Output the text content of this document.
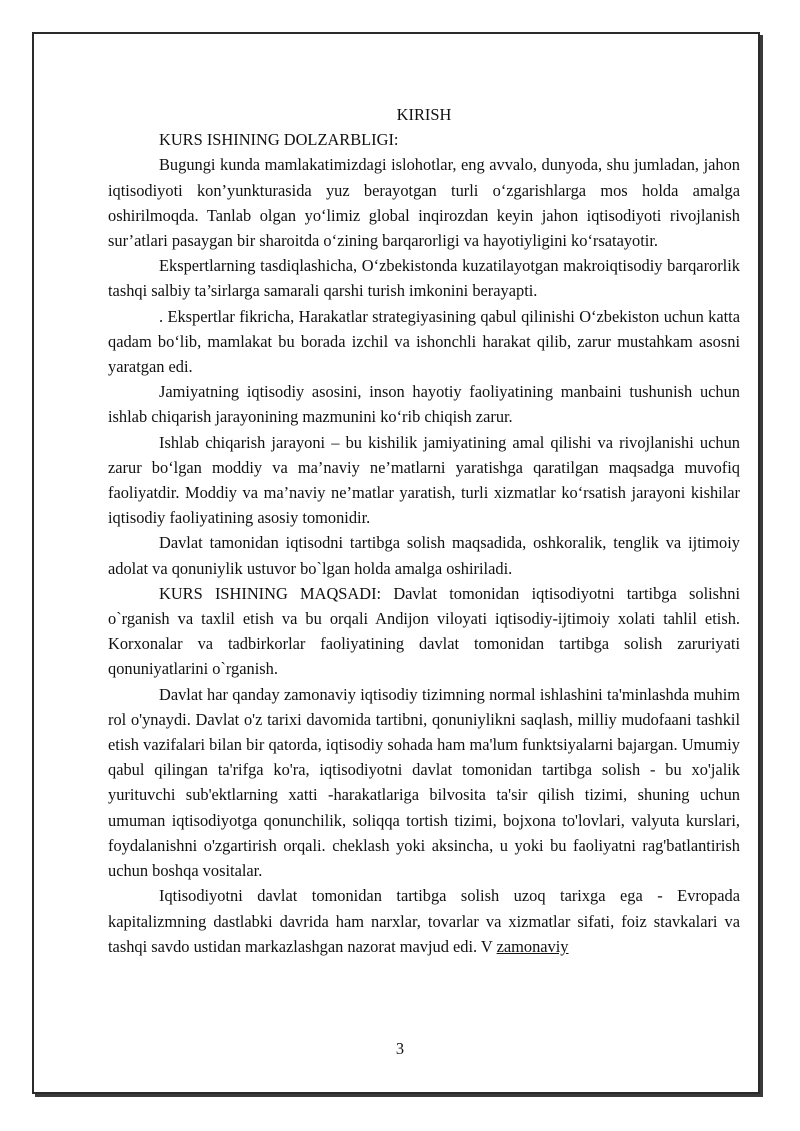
KIRISH

KURS ISHINING DOLZARBLIGI:

Bugungi kunda mamlakatimizdagi islohotlar, eng avvalo, dunyoda, shu jumladan, jahon iqtisodiyoti kon’yunkturasida yuz berayotgan turli o‘zgarishlarga mos holda amalga oshirilmoqda. Tanlab olgan yo‘limiz global inqirozdan keyin jahon iqtisodiyoti rivojlanish sur’atlari pasaygan bir sharoitda o‘zining barqarorligi va hayotiyligini ko‘rsatayotir.

Ekspertlarning tasdiqlashicha, O‘zbekistonda kuzatilayotgan makroiqtisodiy barqarorlik tashqi salbiy ta’sirlarga samarali qarshi turish imkonini berayapti.

. Ekspertlar fikricha, Harakatlar strategiyasining qabul qilinishi O‘zbekiston uchun katta qadam bo‘lib, mamlakat bu borada izchil va ishonchli harakat qilib, zarur mustahkam asosni yaratgan edi.

Jamiyatning iqtisodiy asosini, inson hayotiy faoliyatining manbaini tushunish uchun ishlab chiqarish jarayonining mazmunini ko‘rib chiqish zarur.

Ishlab chiqarish jarayoni – bu kishilik jamiyatining amal qilishi va rivojlanishi uchun zarur bo‘lgan moddiy va ma’naviy ne’matlarni yaratishga qaratilgan maqsadga muvofiq faoliyatdir. Moddiy va ma’naviy ne’matlar yaratish, turli xizmatlar ko‘rsatish jarayoni kishilar iqtisodiy faoliyatining asosiy tomonidir.

Davlat tamonidan iqtisodni tartibga solish maqsadida, oshkoralik, tenglik va ijtimoiy adolat va qonuniylik ustuvor bo`lgan holda amalga oshiriladi.

KURS ISHINING MAQSADI: Davlat tomonidan iqtisodiyotni tartibga solishni o`rganish va taxlil etish va bu orqali Andijon viloyati iqtisodiy-ijtimoiy xolati tahlil etish. Korxonalar va tadbirkorlar faoliyatining davlat tomonidan tartibga solish zaruriyati qonuniyatlarini o`rganish.

Davlat har qanday zamonaviy iqtisodiy tizimning normal ishlashini ta'minlashda muhim rol o'ynaydi. Davlat o'z tarixi davomida tartibni, qonuniylikni saqlash, milliy mudofaani tashkil etish vazifalari bilan bir qatorda, iqtisodiy sohada ham ma'lum funktsiyalarni bajargan. Umumiy qabul qilingan ta'rifga ko'ra, iqtisodiyotni davlat tomonidan tartibga solish - bu xo'jalik yurituvchi sub'ektlarning xatti -harakatlariga bilvosita ta'sir qilish tizimi, shuning uchun umuman iqtisodiyotga qonunchilik, soliqqa tortish tizimi, bojxona to'lovlari, valyuta kurslari, foydalanishni o'zgartirish orqali. cheklash yoki aksincha, u yoki bu faoliyatni rag'batlantirish uchun boshqa vositalar.

Iqtisodiyotni davlat tomonidan tartibga solish uzoq tarixga ega - Evropada kapitalizmning dastlabki davrida ham narxlar, tovarlar va xizmatlar sifati, foiz stavkalari va tashqi savdo ustidan markazlashgan nazorat mavjud edi. V zamonaviy

3
